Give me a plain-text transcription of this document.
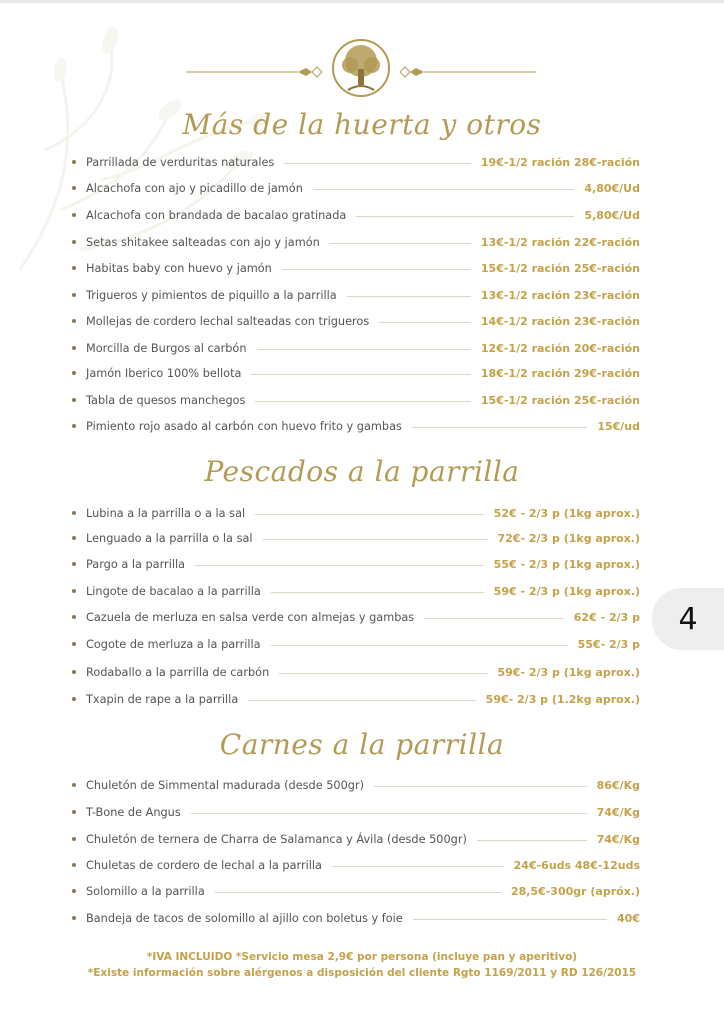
Más de la huerta y otros
Parrillada de verduritas naturales	19€-1/2 ración 28€-ración
Alcachofa con ajo y picadillo de jamón	4,80€/Ud
Alcachofa con brandada de bacalao gratinada	5,80€/Ud
Setas shitakee salteadas con ajo y jamón	13€-1/2 ración 22€-ración
Habitas baby con huevo y jamón	15€-1/2 ración 25€-ración
Trigueros y pimientos de piquillo a la parrilla	13€-1/2 ración 23€-ración
Mollejas de cordero lechal salteadas con trigueros	14€-1/2 ración 23€-ración
Morcilla de Burgos al carbón	12€-1/2 ración 20€-ración
Jamón Iberico 100% bellota	18€-1/2 ración 29€-ración
Tabla de quesos manchegos	15€-1/2 ración 25€-ración
Pimiento rojo asado al carbón con huevo frito y gambas	15€/ud
Pescados a la parrilla
Lubina a la parrilla o a la sal	52€ - 2/3 p (1kg aprox.)
Lenguado a la parrilla o la sal	72€- 2/3 p (1kg aprox.)
Pargo a la parrilla	55€ - 2/3 p (1kg aprox.)
Lingote de bacalao a la parrilla	59€ - 2/3 p (1kg aprox.)
Cazuela de merluza en salsa verde con almejas y gambas	62€ - 2/3 p
Cogote de merluza a la parrilla	55€- 2/3 p
Rodaballo a la parrilla de carbón	59€- 2/3 p (1kg aprox.)
Txapin de rape a la parrilla	59€- 2/3 p (1.2kg aprox.)
Carnes a la parrilla
Chuletón de Simmental madurada (desde 500gr)	86€/Kg
T-Bone de Angus	74€/Kg
Chuletón de ternera de Charra de Salamanca y Ávila (desde 500gr)	74€/Kg
Chuletas de cordero de lechal a la parrilla	24€-6uds 48€-12uds
Solomillo a la parrilla	28,5€-300gr (apróx.)
Bandeja de tacos de solomillo al ajillo con boletus y foie	40€
4
*IVA INCLUIDO *Servicio mesa 2,9€ por persona (incluye pan y aperitivo)
*Existe información sobre alérgenos a disposición del cliente Rgto 1169/2011 y RD 126/2015
